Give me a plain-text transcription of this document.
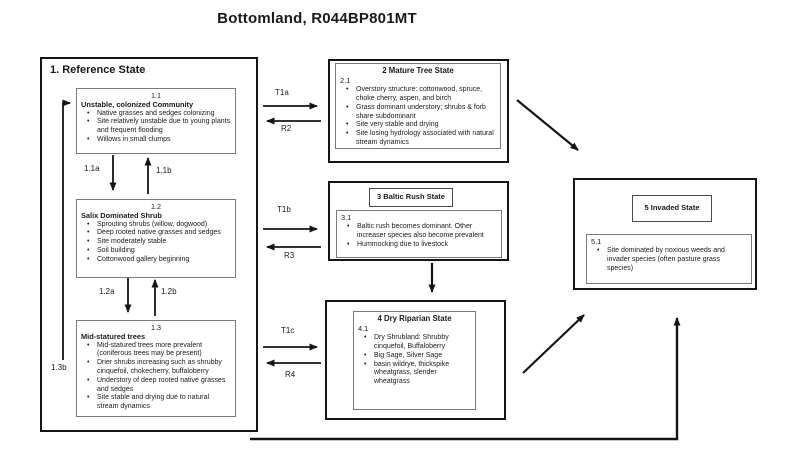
Bottomland, R044BP801MT
T1a
R2
T1b
R3
T1c
R4
1.1a	1.1b
1.2a	1.2b
1.3b
1. Reference State
1.1
Unstable, colonized Community
• Native grasses and sedges colonizing
• Site relatively unstable due to young plants and frequent flooding
• Willows in small clumps
1.2
Salix Dominated Shrub
• Sprouting shrubs (willow, dogwood)
• Deep rooted native grasses and sedges
• Site moderately stable
• Soil building
• Cottonwood gallery beginning
1.3
Mid-statured trees
• Mid-statured trees more prevalent (coniferous trees may be present)
• Drier shrubs increasing such as shrubby cinquefoil, chokecherry, buffaloberry
• Understory of deep rooted native grasses and sedges
• Site stable and drying due to natural stream dynamics
2 Mature Tree State
2.1
• Overstory structure: cottonwood, spruce, choke cherry, aspen, and birch
• Grass dominant understory; shrubs & forb share subdominant
• Site very stable and drying
• Site losing hydrology associated with natural stream dynamics
3 Baltic Rush State
3.1
• Baltic rush becomes dominant. Other increaser species also become prevalent
• Hummocking due to livestock
4 Dry Riparian State
4.1
• Dry Shrubland: Shrubby cinquefoil, Buffaloberry
• Big Sage, Silver Sage
• basin wildrye, thickspike wheatgrass, slender wheatgrass
5 Invaded State
5.1
• Site dominated by noxious weeds and invader species (often pasture grass species)
